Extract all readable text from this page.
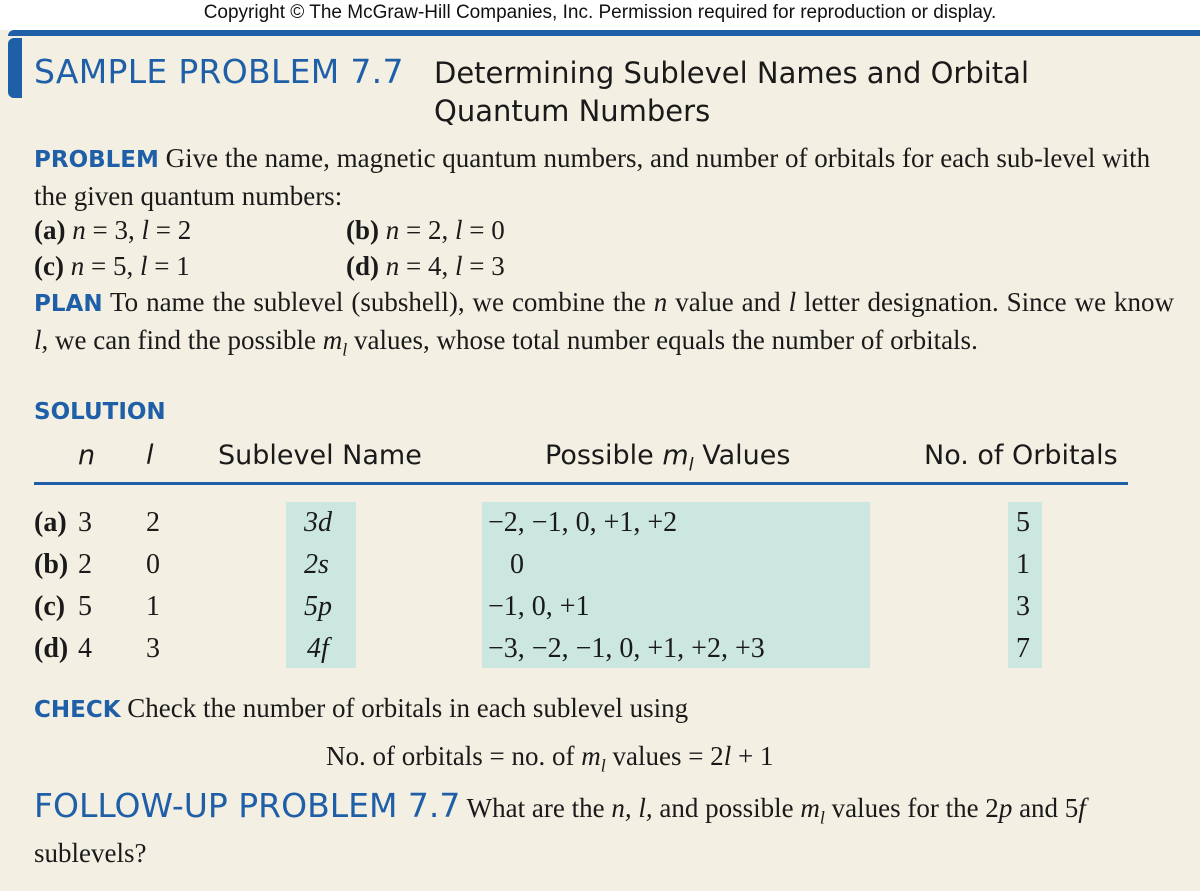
Copyright © The McGraw-Hill Companies, Inc. Permission required for reproduction or display.
SAMPLE PROBLEM 7.7 Determining Sublevel Names and Orbital
Quantum Numbers
PROBLEM Give the name, magnetic quantum numbers, and number of orbitals for each sub-level with the given quantum numbers:
(a) n = 3, l = 2	(b) n = 2, l = 0
(c) n = 5, l = 1	(d) n = 4, l = 3
PLAN To name the sublevel (subshell), we combine the n value and l letter designation. Since we know l, we can find the possible $m_l$ values, whose total number equals the number of orbitals.
SOLUTION
n l Sublevel Name	Possible $m_l$ Values	No. of Orbitals
(a) 3 2	3d	−2, −1, 0, +1, +2	5
(b) 2 0	2s	0	1
(c) 5 1	5p	−1, 0, +1	3
(d) 4 3	4f	−3, −2, −1, 0, +1, +2, +3	7
CHECK Check the number of orbitals in each sublevel using
No. of orbitals = no. of $m_l$ values = 2l + 1
FOLLOW-UP PROBLEM 7.7 What are the n, l, and possible $m_l$ values for the 2p and 5f sublevels?
